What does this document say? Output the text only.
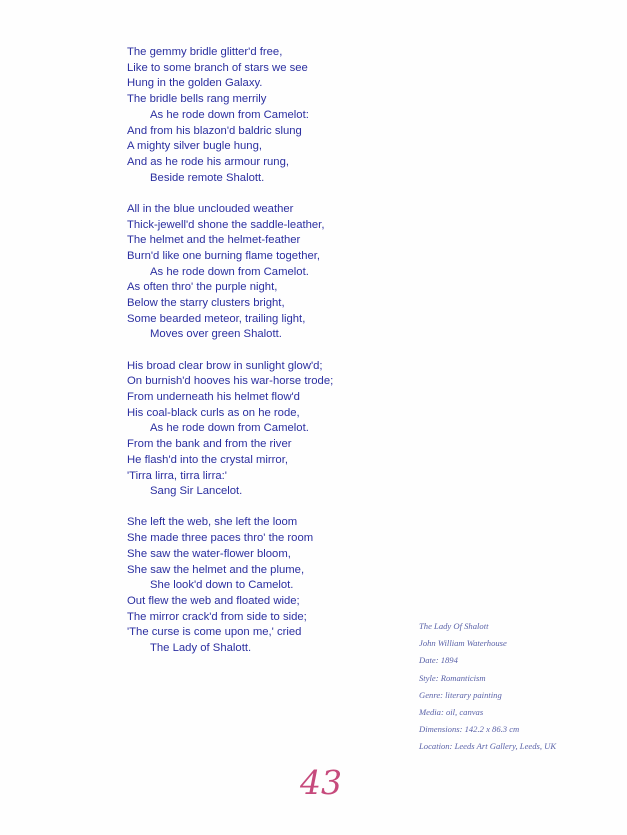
The gemmy bridle glitter'd free,
Like to some branch of stars we see
Hung in the golden Galaxy.
The bridle bells rang merrily
As he rode down from Camelot:
And from his blazon'd baldric slung
A mighty silver bugle hung,
And as he rode his armour rung,
Beside remote Shalott.
All in the blue unclouded weather
Thick-jewell'd shone the saddle-leather,
The helmet and the helmet-feather
Burn'd like one burning flame together,
As he rode down from Camelot.
As often thro' the purple night,
Below the starry clusters bright,
Some bearded meteor, trailing light,
Moves over green Shalott.
His broad clear brow in sunlight glow'd;
On burnish'd hooves his war-horse trode;
From underneath his helmet flow'd
His coal-black curls as on he rode,
As he rode down from Camelot.
From the bank and from the river
He flash'd into the crystal mirror,
'Tirra lirra, tirra lirra:'
Sang Sir Lancelot.
She left the web, she left the loom
She made three paces thro' the room
She saw the water-flower bloom,
She saw the helmet and the plume,
She look'd down to Camelot.
Out flew the web and floated wide;
The mirror crack'd from side to side;
'The curse is come upon me,' cried
The Lady of Shalott.
The Lady Of Shalott
John William Waterhouse
Date: 1894
Style: Romanticism
Genre: literary painting
Media: oil, canvas
Dimensions: 142.2 x 86.3 cm
Location: Leeds Art Gallery, Leeds, UK
43
